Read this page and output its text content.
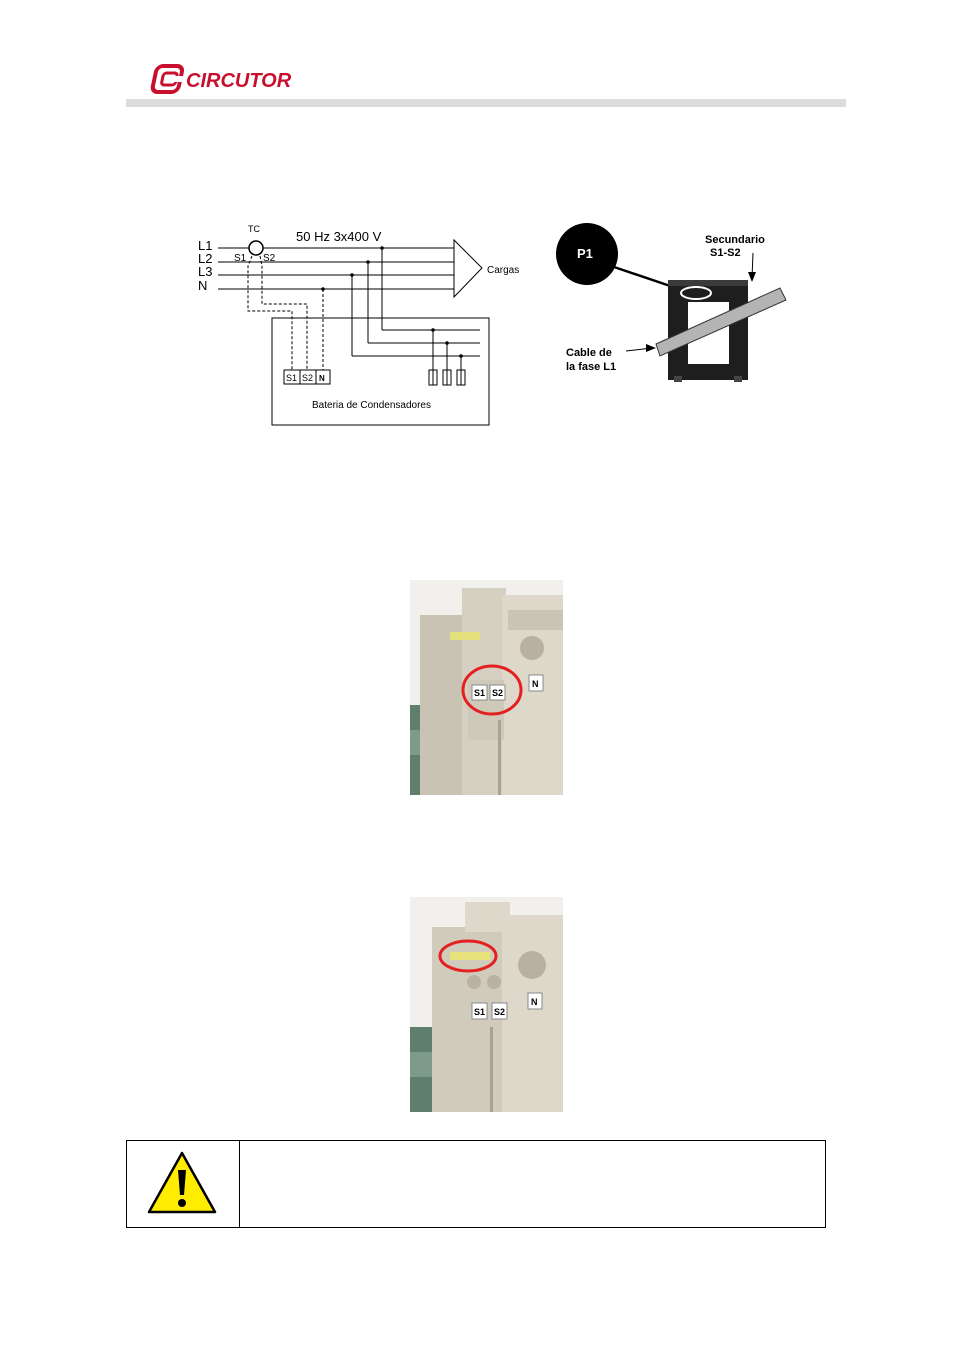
CIRCUTOR
L1
L2
L3
N
Cargas
50 Hz 3x400 V
TC
S1 S2
S1 S2 N
Bateria de Condensadores
P1
Secundario
S1-S2
Cable de
la fase L1
S1 S2
N
S1 S2
N
